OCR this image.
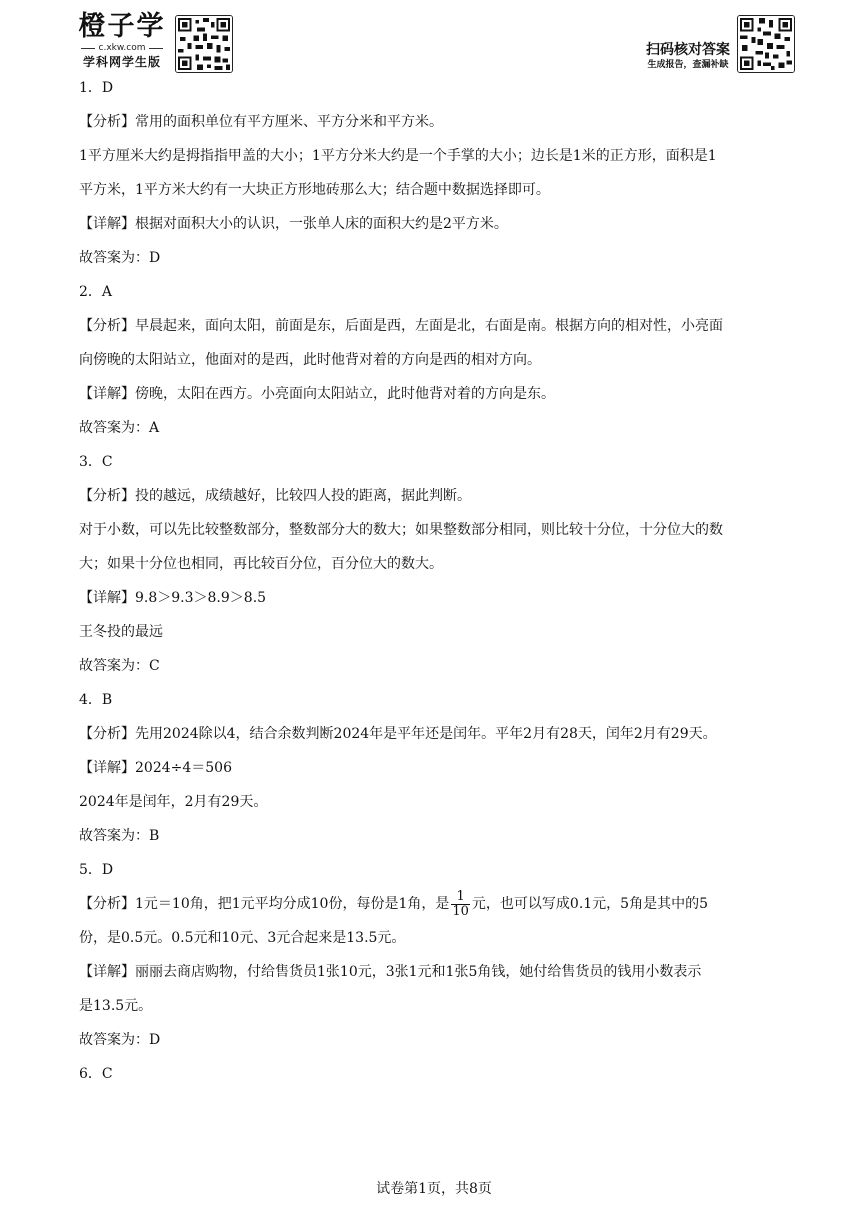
橙子学
c.xkw.com
学科网学生版
扫码核对答案
生成报告，查漏补缺
1．D
【分析】常用的面积单位有平方厘米、平方分米和平方米。
1平方厘米大约是拇指指甲盖的大小；1平方分米大约是一个手掌的大小；边长是1米的正方形，面积是1
平方米，1平方米大约有一大块正方形地砖那么大；结合题中数据选择即可。
【详解】根据对面积大小的认识，一张单人床的面积大约是2平方米。
故答案为：D
2．A
【分析】早晨起来，面向太阳，前面是东，后面是西，左面是北，右面是南。根据方向的相对性，小亮面
向傍晚的太阳站立，他面对的是西，此时他背对着的方向是西的相对方向。
【详解】傍晚，太阳在西方。小亮面向太阳站立，此时他背对着的方向是东。
故答案为：A
3．C
【分析】投的越远，成绩越好，比较四人投的距离，据此判断。
对于小数，可以先比较整数部分，整数部分大的数大；如果整数部分相同，则比较十分位，十分位大的数
大；如果十分位也相同，再比较百分位，百分位大的数大。
【详解】9.8＞9.3＞8.9＞8.5
王冬投的最远
故答案为：C
4．B
【分析】先用2024除以4，结合余数判断2024年是平年还是闰年。平年2月有28天，闰年2月有29天。
【详解】2024÷4＝506
2024年是闰年，2月有29天。
故答案为：B
5．D
【分析】1元＝10角，把1元平均分成10份，每份是1角，是 $\frac{1}{10}$ 元，也可以写成0.1元，5角是其中的5
份，是0.5元。0.5元和10元、3元合起来是13.5元。
【详解】丽丽去商店购物，付给售货员1张10元，3张1元和1张5角钱，她付给售货员的钱用小数表示
是13.5元。
故答案为：D
6．C
试卷第1页，共8页
